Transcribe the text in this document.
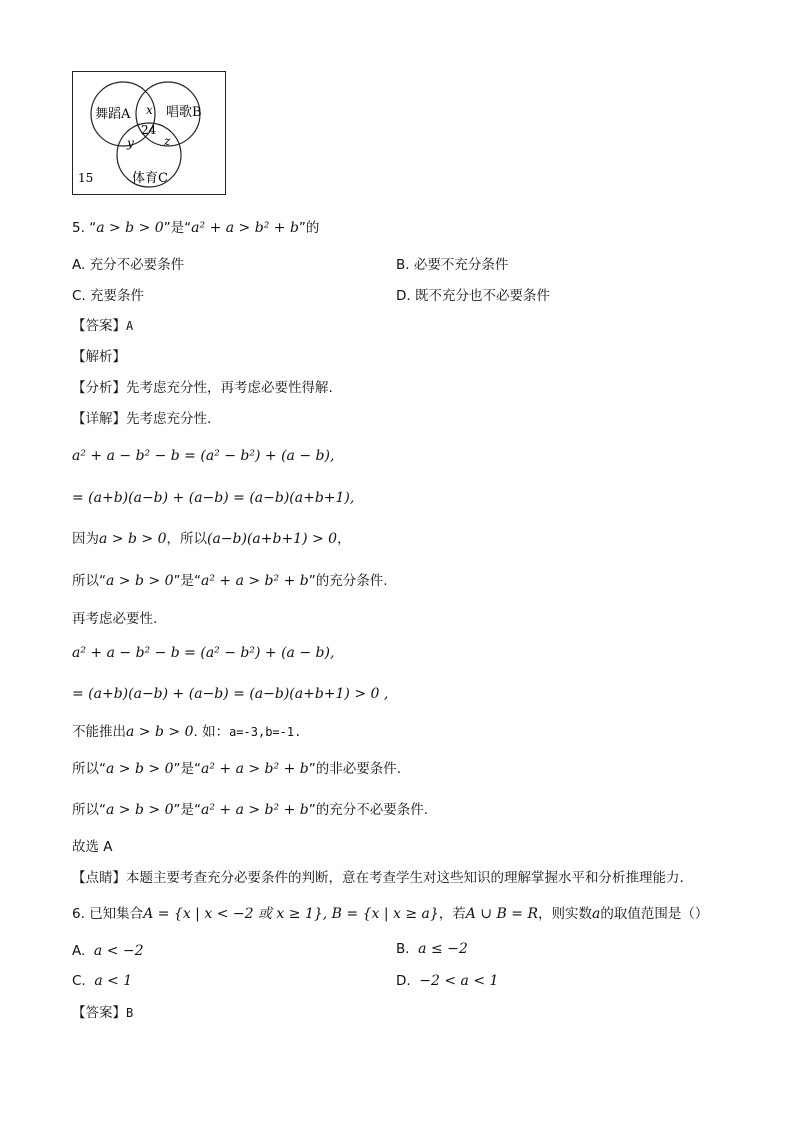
舞蹈A	唱歌B
体育C
x
24
y	z
15
5. “a > b > 0”是“a² + a > b² + b”的
A. 充分不必要条件	B. 必要不充分条件
C. 充要条件	D. 既不充分也不必要条件
【答案】A
【解析】
【分析】先考虑充分性，再考虑必要性得解.
【详解】先考虑充分性.
a² + a − b² − b = (a² − b²) + (a − b),
= (a+b)(a−b) + (a−b) = (a−b)(a+b+1),
因为a > b > 0，所以(a−b)(a+b+1) > 0，
所以“a > b > 0”是“a² + a > b² + b”的充分条件.
再考虑必要性.
a² + a − b² − b = (a² − b²) + (a − b),
= (a+b)(a−b) + (a−b) = (a−b)(a+b+1) > 0 ,
不能推出a > b > 0. 如：a=-3,b=-1.
所以“a > b > 0”是“a² + a > b² + b”的非必要条件.
所以“a > b > 0”是“a² + a > b² + b”的充分不必要条件.
故选 A
【点睛】本题主要考查充分必要条件的判断，意在考查学生对这些知识的理解掌握水平和分析推理能力.
6. 已知集合A = {x | x < −2 或 x ≥ 1}, B = {x | x ≥ a}，若A ∪ B = R，则实数a的取值范围是（）
A. a < −2	B. a ≤ −2
C. a < 1	D. −2 < a < 1
【答案】B
